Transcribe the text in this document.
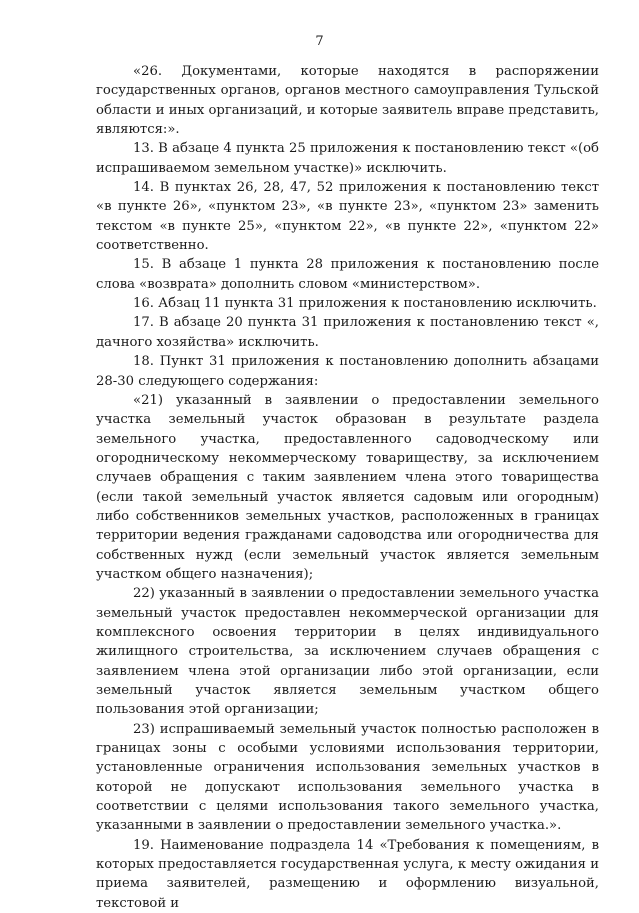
7

«26. Документами, которые находятся в распоряжении государственных органов, органов местного самоуправления Тульской области и иных организаций, и которые заявитель вправе представить, являются:».

13. В абзаце 4 пункта 25 приложения к постановлению текст «(об испрашиваемом земельном участке)» исключить.

14. В пунктах 26, 28, 47, 52 приложения к постановлению текст «в пункте 26», «пунктом 23», «в пункте 23», «пунктом 23» заменить текстом «в пункте 25», «пунктом 22», «в пункте 22», «пунктом 22» соответственно.

15. В абзаце 1 пункта 28 приложения к постановлению после слова «возврата» дополнить словом «министерством».

16. Абзац 11 пункта 31 приложения к постановлению исключить.

17. В абзаце 20 пункта 31 приложения к постановлению текст «, дачного хозяйства» исключить.

18. Пункт 31 приложения к постановлению дополнить абзацами 28-30 следующего содержания:

«21) указанный в заявлении о предоставлении земельного участка земельный участок образован в результате раздела земельного участка, предоставленного садоводческому или огородническому некоммерческому товариществу, за исключением случаев обращения с таким заявлением члена этого товарищества (если такой земельный участок является садовым или огородным) либо собственников земельных участков, расположенных в границах территории ведения гражданами садоводства или огородничества для собственных нужд (если земельный участок является земельным участком общего назначения);

22) указанный в заявлении о предоставлении земельного участка земельный участок предоставлен некоммерческой организации для комплексного освоения территории в целях индивидуального жилищного строительства, за исключением случаев обращения с заявлением члена этой организации либо этой организации, если земельный участок является земельным участком общего пользования этой организации;

23) испрашиваемый земельный участок полностью расположен в границах зоны с особыми условиями использования территории, установленные ограничения использования земельных участков в которой не допускают использования земельного участка в соответствии с целями использования такого земельного участка, указанными в заявлении о предоставлении земельного участка.».

19. Наименование подраздела 14 «Требования к помещениям, в которых предоставляется государственная услуга, к месту ожидания и приема заявителей, размещению и оформлению визуальной, текстовой и
